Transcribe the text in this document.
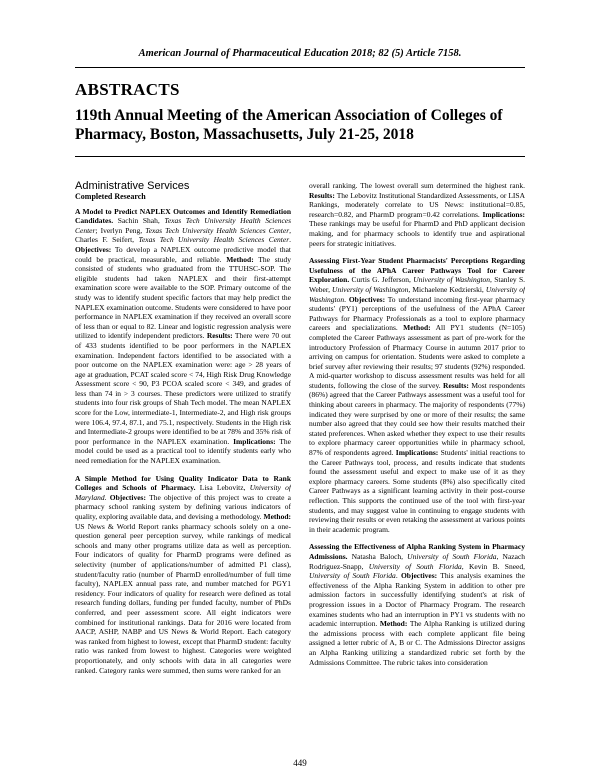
American Journal of Pharmaceutical Education 2018; 82 (5) Article 7158.
ABSTRACTS
119th Annual Meeting of the American Association of Colleges of Pharmacy, Boston, Massachusetts, July 21-25, 2018

Administrative Services

Completed Research

A Model to Predict NAPLEX Outcomes and Identify Remediation Candidates. Sachin Shah, Texas Tech University Health Sciences Center; Iverlyn Peng, Texas Tech University Health Sciences Center, Charles F. Seifert, Texas Tech University Health Sciences Center. Objectives: To develop a NAPLEX outcome predictive model that could be practical, measurable, and reliable. Method: The study consisted of students who graduated from the TTUHSC-SOP. The eligible students had taken NAPLEX and their first-attempt examination score were available to the SOP. Primary outcome of the study was to identify student specific factors that may help predict the NAPLEX examination outcome. Students were considered to have poor performance in NAPLEX examination if they received an overall score of less than or equal to 82. Linear and logistic regression analysis were utilized to identify independent predictors. Results: There were 70 out of 433 students identified to be poor performers in the NAPLEX examination. Independent factors identified to be associated with a poor outcome on the NAPLEX examination were: age > 28 years of age at graduation, PCAT scaled score < 74, High Risk Drug Knowledge Assessment score < 90, P3 PCOA scaled score < 349, and grades of less than 74 in > 3 courses. These predictors were utilized to stratify students into four risk groups of Shah Tech model. The mean NAPLEX score for the Low, intermediate-1, Intermediate-2, and High risk groups were 106.4, 97.4, 87.1, and 75.1, respectively. Students in the High risk and Intermediate-2 groups were identified to be at 78% and 35% risk of poor performance in the NAPLEX examination. Implications: The model could be used as a practical tool to identify students early who need remediation for the NAPLEX examination.

A Simple Method for Using Quality Indicator Data to Rank Colleges and Schools of Pharmacy. Lisa Lebovitz, University of Maryland. Objectives: The objective of this project was to create a pharmacy school ranking system by defining various indicators of quality, exploring available data, and devising a methodology. Method: US News & World Report ranks pharmacy schools solely on a one-question general peer perception survey, while rankings of medical schools and many other programs utilize data as well as perception. Four indicators of quality for PharmD programs were defined as selectivity (number of applications/number of admitted P1 class), student/faculty ratio (number of PharmD enrolled/number of full time faculty), NAPLEX annual pass rate, and number matched for PGY1 residency. Four indicators of quality for research were defined as total research funding dollars, funding per funded faculty, number of PhDs conferred, and peer assessment score. All eight indicators were combined for institutional rankings. Data for 2016 were located from AACP, ASHP, NABP and US News & World Report. Each category was ranked from highest to lowest, except that PharmD student: faculty ratio was ranked from lowest to highest. Categories were weighted proportionately, and only schools with data in all categories were ranked. Category ranks were summed, then sums were ranked for an

overall ranking. The lowest overall sum determined the highest rank. Results: The Lebovitz Institutional Standardized Assessments, or LISA Rankings, moderately correlate to US News: institutional=0.85, research=0.82, and PharmD program=0.42 correlations. Implications: These rankings may be useful for PharmD and PhD applicant decision making, and for pharmacy schools to identify true and aspirational peers for strategic initiatives.

Assessing First-Year Student Pharmacists' Perceptions Regarding Usefulness of the APhA Career Pathways Tool for Career Exploration. Curtis G. Jefferson, University of Washington, Stanley S. Weber, University of Washington, Michaelene Kedzierski, University of Washington. Objectives: To understand incoming first-year pharmacy students' (PY1) perceptions of the usefulness of the APhA Career Pathways for Pharmacy Professionals as a tool to explore pharmacy careers and specializations. Method: All PY1 students (N=105) completed the Career Pathways assessment as part of pre-work for the introductory Profession of Pharmacy Course in autumn 2017 prior to arriving on campus for orientation. Students were asked to complete a brief survey after reviewing their results; 97 students (92%) responded. A mid-quarter workshop to discuss assessment results was held for all students, following the close of the survey. Results: Most respondents (86%) agreed that the Career Pathways assessment was a useful tool for thinking about careers in pharmacy. The majority of respondents (77%) indicated they were surprised by one or more of their results; the same number also agreed that they could see how their results matched their stated preferences. When asked whether they expect to use their results to explore pharmacy career opportunities while in pharmacy school, 87% of respondents agreed. Implications: Students' initial reactions to the Career Pathways tool, process, and results indicate that students found the assessment useful and expect to make use of it as they explore pharmacy careers. Some students (8%) also specifically cited Career Pathways as a significant learning activity in their post-course reflection. This supports the continued use of the tool with first-year students, and may suggest value in continuing to engage students with reviewing their results or even retaking the assessment at various points in their academic program.

Assessing the Effectiveness of Alpha Ranking System in Pharmacy Admissions. Natasha Baloch, University of South Florida, Nazach Rodriguez-Snapp, University of South Florida, Kevin B. Sneed, University of South Florida. Objectives: This analysis examines the effectiveness of the Alpha Ranking System in addition to other pre admission factors in successfully identifying student's at risk of progression issues in a Doctor of Pharmacy Program. The research examines students who had an interruption in PY1 vs students with no academic interruption. Method: The Alpha Ranking is utilized during the admissions process with each complete applicant file being assigned a letter rubric of A, B or C. The Admissions Director assigns an Alpha Ranking utilizing a standardized rubric set forth by the Admissions Committee. The rubric takes into consideration

449
